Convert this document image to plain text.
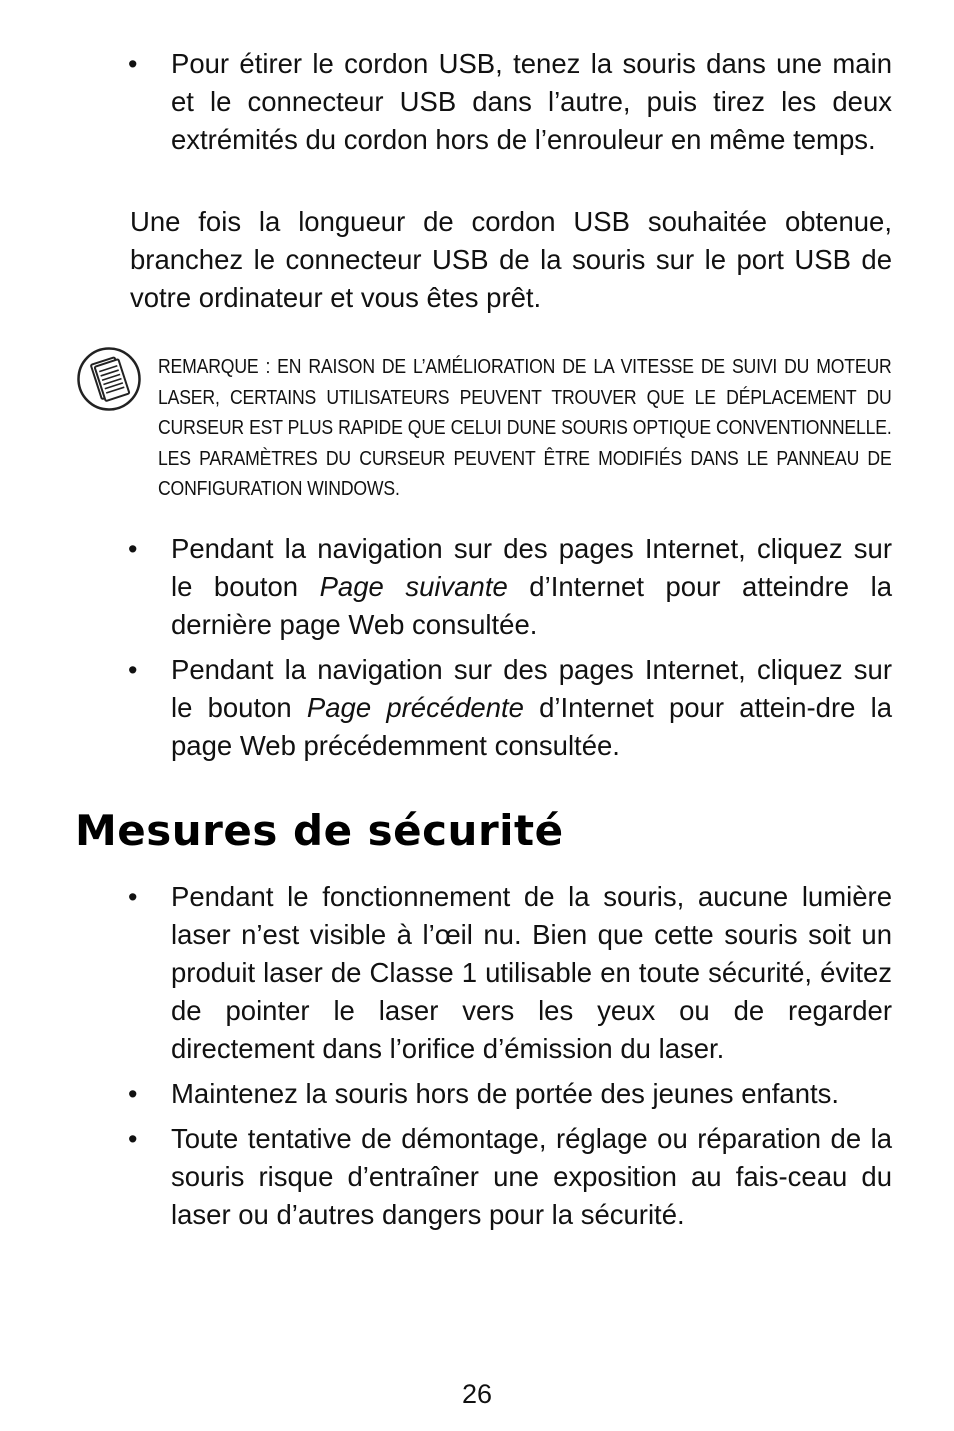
• Pour étirer le cordon USB, tenez la souris dans une main et le connecteur USB dans l’autre, puis tirez les deux extrémités du cordon hors de l’enrouleur en même temps.

Une fois la longueur de cordon USB souhaitée obtenue, branchez le connecteur USB de la souris sur le port USB de votre ordinateur et vous êtes prêt.

REMARQUE : EN RAISON DE L’AMÉLIORATION DE LA VITESSE DE SUIVI DU MOTEUR LASER, CERTAINS UTILISATEURS PEUVENT TROUVER QUE LE DÉPLACEMENT DU CURSEUR EST PLUS RAPIDE QUE CELUI DUNE SOURIS OPTIQUE CONVENTIONNELLE. LES PARAMÈTRES DU CURSEUR PEUVENT ÊTRE MODIFIÉS DANS LE PANNEAU DE CONFIGURATION WINDOWS.

• Pendant la navigation sur des pages Internet, cliquez sur le bouton Page suivante d’Internet pour atteindre la dernière page Web consultée.
• Pendant la navigation sur des pages Internet, cliquez sur le bouton Page précédente d’Internet pour attein-dre la page Web précédemment consultée.
Mesures de sécurité
• Pendant le fonctionnement de la souris, aucune lumière laser n’est visible à l’œil nu. Bien que cette souris soit un produit laser de Classe 1 utilisable en toute sécurité, évitez de pointer le laser vers les yeux ou de regarder directement dans l’orifice d’émission du laser.
• Maintenez la souris hors de portée des jeunes enfants.
• Toute tentative de démontage, réglage ou réparation de la souris risque d’entraîner une exposition au fais-ceau du laser ou d’autres dangers pour la sécurité.

26
